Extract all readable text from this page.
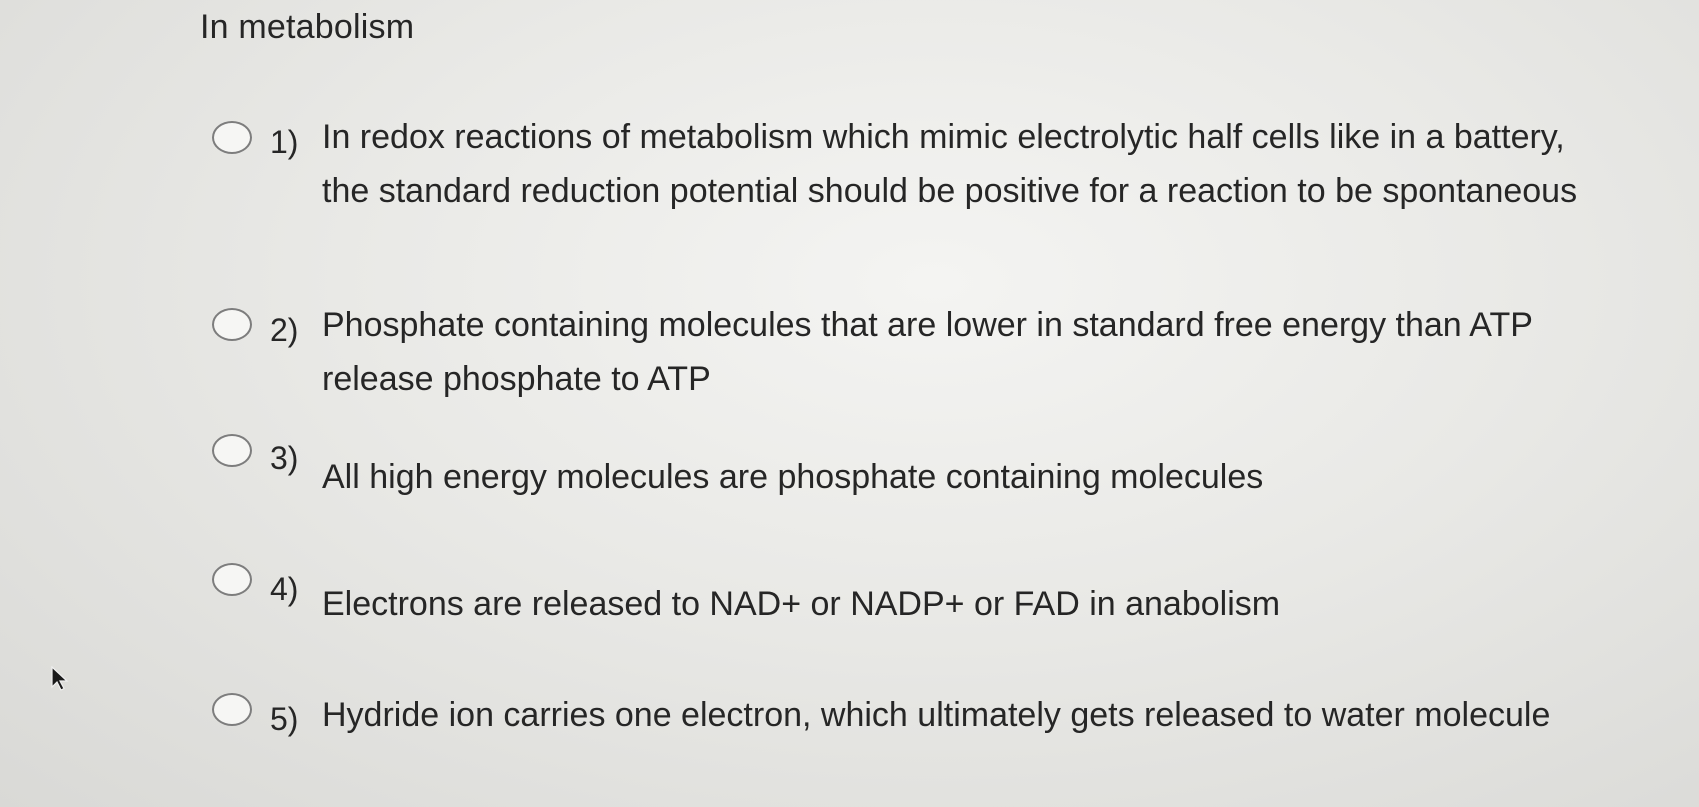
In metabolism
1) In redox reactions of metabolism which mimic electrolytic half cells like in a battery, the standard reduction potential should be positive for a reaction to be spontaneous
2) Phosphate containing molecules that are lower in standard free energy than ATP release phosphate to ATP
3) All high energy molecules are phosphate containing molecules
4) Electrons are released to NAD+ or NADP+ or FAD in anabolism
5) Hydride ion carries one electron, which ultimately gets released to water molecule
